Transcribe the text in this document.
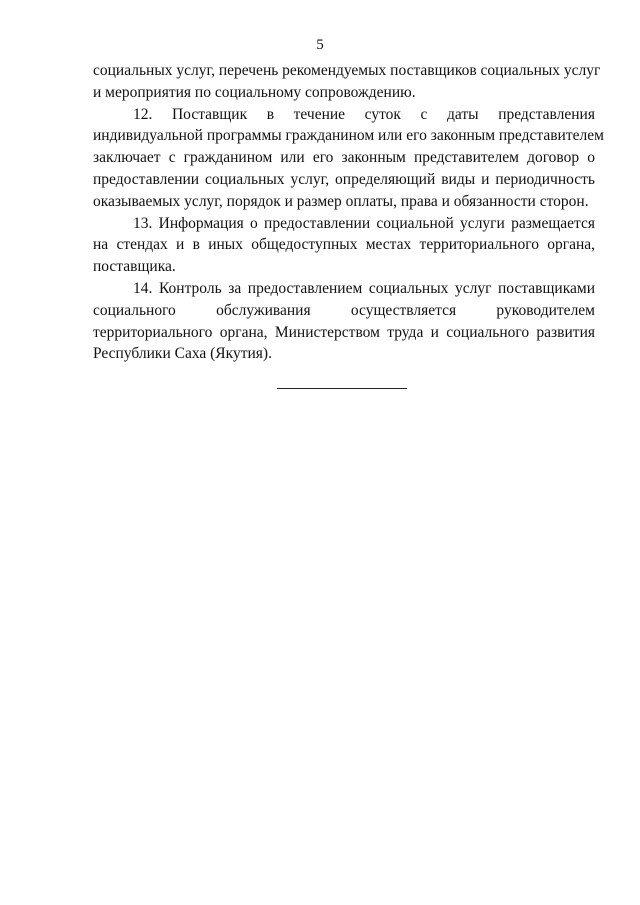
5
социальных услуг, перечень рекомендуемых поставщиков социальных услуг
и мероприятия по социальному сопровождению.
12. Поставщик в течение суток с даты представления
индивидуальной программы гражданином или его законным представителем
заключает с гражданином или его законным представителем договор о
предоставлении социальных услуг, определяющий виды и периодичность
оказываемых услуг, порядок и размер оплаты, права и обязанности сторон.
13. Информация о предоставлении социальной услуги размещается
на стендах и в иных общедоступных местах территориального органа,
поставщика.
14. Контроль за предоставлением социальных услуг поставщиками
социального обслуживания осуществляется руководителем
территориального органа, Министерством труда и социального развития
Республики Саха (Якутия).
